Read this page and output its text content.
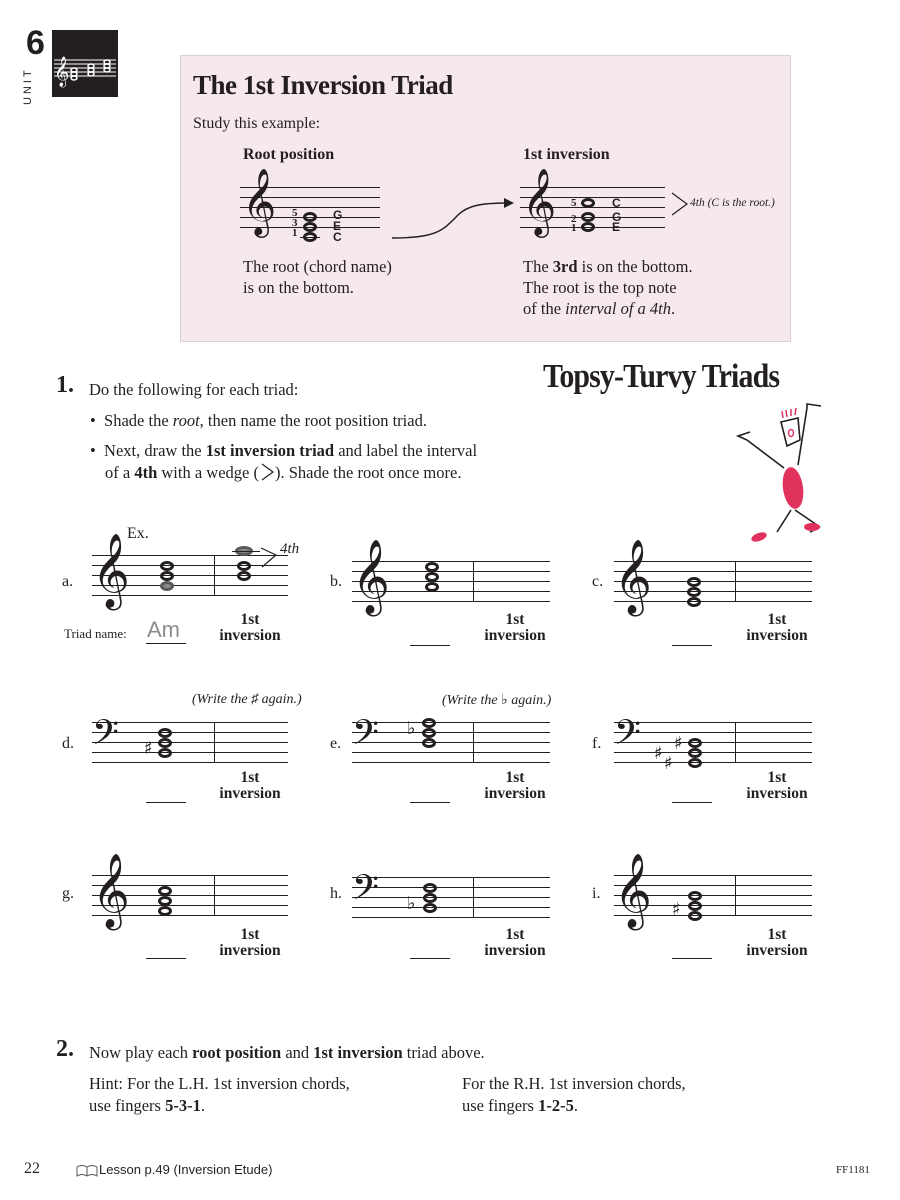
6
UNIT 𝄞	The 1st Inversion Triad
Study this example:
Root position	1st inversion
𝄞 5
3
1
G
E
C
𝄞 5
2
1
C
G
E
4th (C is the root.)
The root (chord name)
is on the bottom.
The 3rd is on the bottom.
The root is the top note
of the interval of a 4th.
1. Do the following for each triad:
•  Shade the root, then name the root position triad.
•  Next, draw the 1st inversion triad and label the interval
of a 4th with a wedge ( ). Shade the root once more.
Topsy-Turvy Triads
Ex.
a. 𝄞	4th
Triad name: Am	1st
inversion
b. 𝄞
1st
inversion
c. 𝄞
1st
inversion
(Write the ♯ again.)
d. 𝄢 ♯
1st
inversion
(Write the ♭ again.)
e. 𝄢 ♭
1st
inversion
f. 𝄢 ♯ ♯
♯
1st
inversion
g. 𝄞
1st
inversion
h. 𝄢 ♭
1st
inversion
i. 𝄞 ♯
1st
inversion
2. Now play each root position and 1st inversion triad above.
Hint: For the L.H. 1st inversion chords,
use fingers 5-3-1.
For the R.H. 1st inversion chords,
use fingers 1-2-5.
22	Lesson p.49 (Inversion Etude)	FF1181
